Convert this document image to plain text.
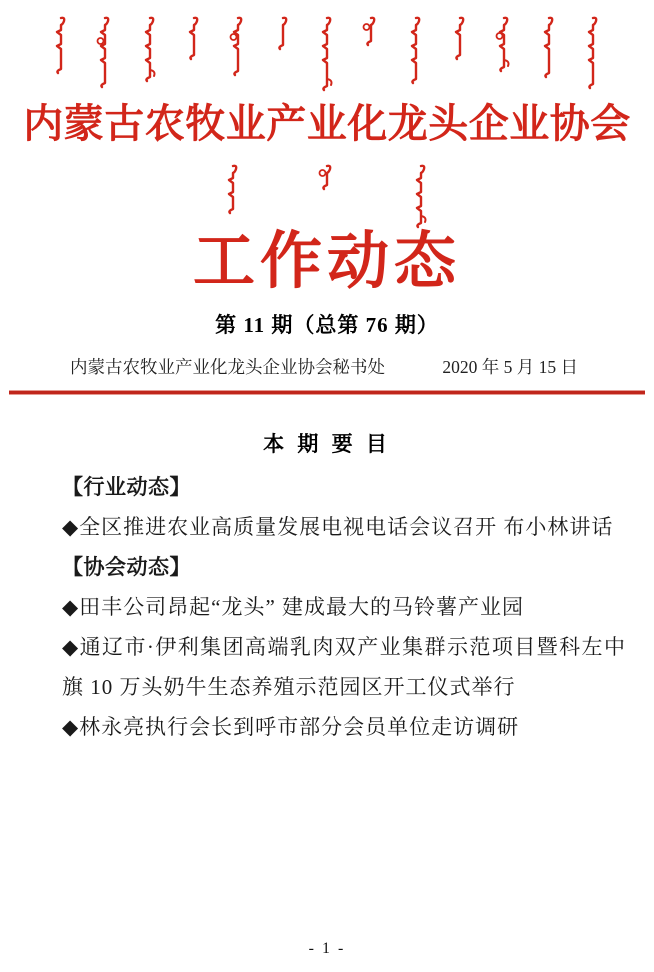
内蒙古农牧业产业化龙头企业协会
工作动态
第 11 期（总第 76 期）
内蒙古农牧业产业化龙头企业协会秘书处	2020 年 5 月 15 日
本 期 要 目
【行业动态】
◆全区推进农业高质量发展电视电话会议召开 布小林讲话
【协会动态】
◆田丰公司昂起“龙头” 建成最大的马铃薯产业园
◆通辽市·伊利集团高端乳肉双产业集群示范项目暨科左中旗 10 万头奶牛生态养殖示范园区开工仪式举行
◆林永亮执行会长到呼市部分会员单位走访调研
- 1 -
